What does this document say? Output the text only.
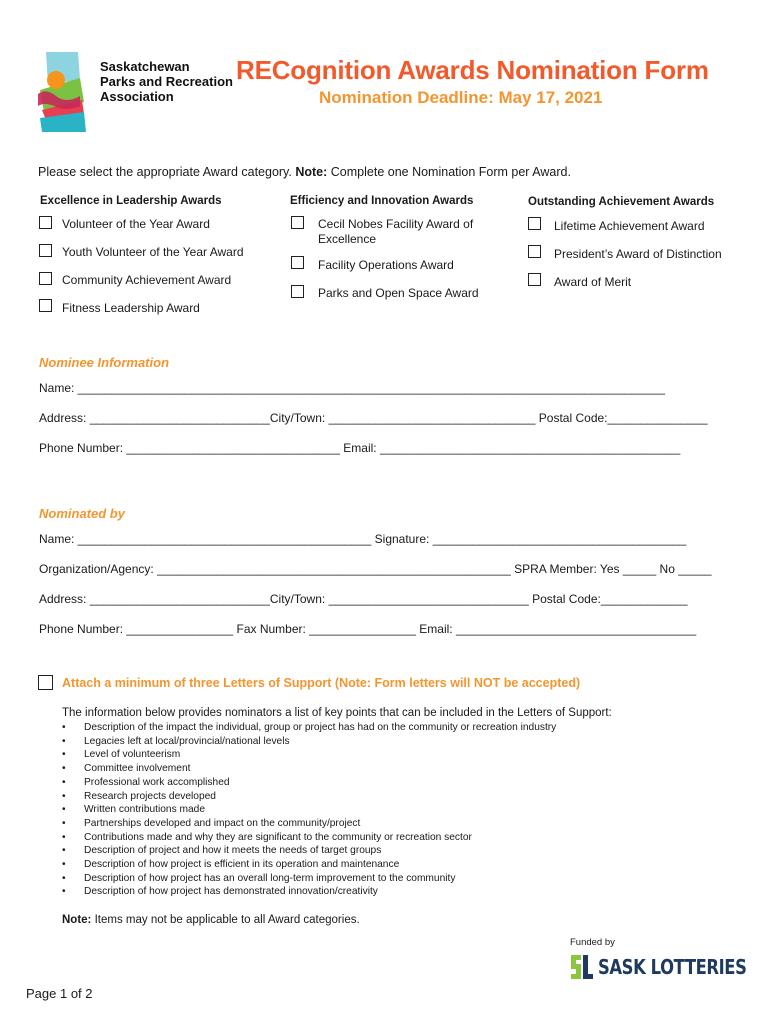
Saskatchewan
Parks and Recreation
Association
RECognition Awards Nomination Form
Nomination Deadline: May 17, 2021
Please select the appropriate Award category. Note: Complete one Nomination Form per Award.
Excellence in Leadership Awards
Volunteer of the Year Award
Youth Volunteer of the Year Award
Community Achievement Award
Fitness Leadership Award
Efficiency and Innovation Awards
Cecil Nobes Facility Award of Excellence
Facility Operations Award
Parks and Open Space Award
Outstanding Achievement Awards
Lifetime Achievement Award
President’s Award of Distinction
Award of Merit
Nominee Information
Name: ________________________________________________________________________________________
Address: ___________________________City/Town: _______________________________ Postal Code:_______________
Phone Number: ________________________________ Email: _____________________________________________
Nominated by
Name: ____________________________________________ Signature: ______________________________________
Organization/Agency: _____________________________________________________ SPRA Member: Yes _____ No _____
Address: ___________________________City/Town: ______________________________ Postal Code:_____________
Phone Number: ________________ Fax Number: ________________ Email: ____________________________________
Attach a minimum of three Letters of Support (Note: Form letters will NOT be accepted)
The information below provides nominators a list of key points that can be included in the Letters of Support:
• Description of the impact the individual, group or project has had on the community or recreation industry
• Legacies left at local/provincial/national levels
• Level of volunteerism
• Committee involvement
• Professional work accomplished
• Research projects developed
• Written contributions made
• Partnerships developed and impact on the community/project
• Contributions made and why they are significant to the community or recreation sector
• Description of project and how it meets the needs of target groups
• Description of how project is efficient in its operation and maintenance
• Description of how project has an overall long-term improvement to the community
• Description of how project has demonstrated innovation/creativity
Note: Items may not be applicable to all Award categories.
Funded by
SASK LOTTERIES
Page 1 of 2
